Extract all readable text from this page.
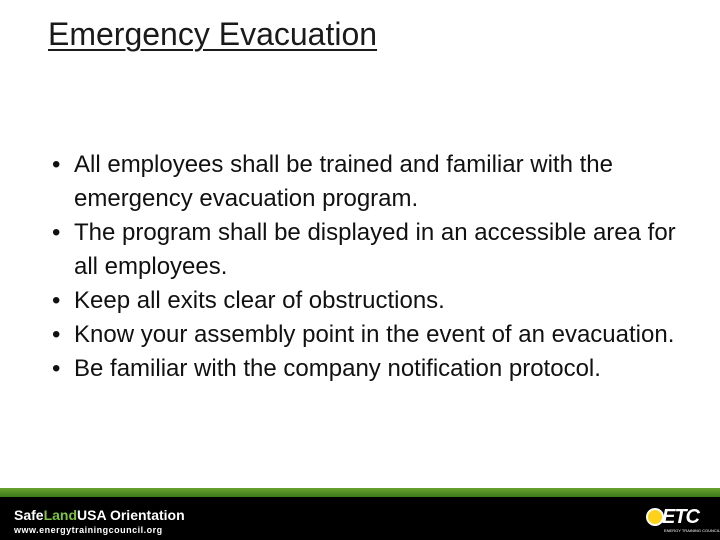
Emergency Evacuation
• All employees shall be trained and familiar with the emergency evacuation program.
• The program shall be displayed in an accessible area for all employees.
• Keep all exits clear of obstructions.
• Know your assembly point in the event of an evacuation.
• Be familiar with the company notification protocol.
SafeLandUSA Orientation
www.energytrainingcouncil.org
ETC
ENERGY TRAINING COUNCIL
